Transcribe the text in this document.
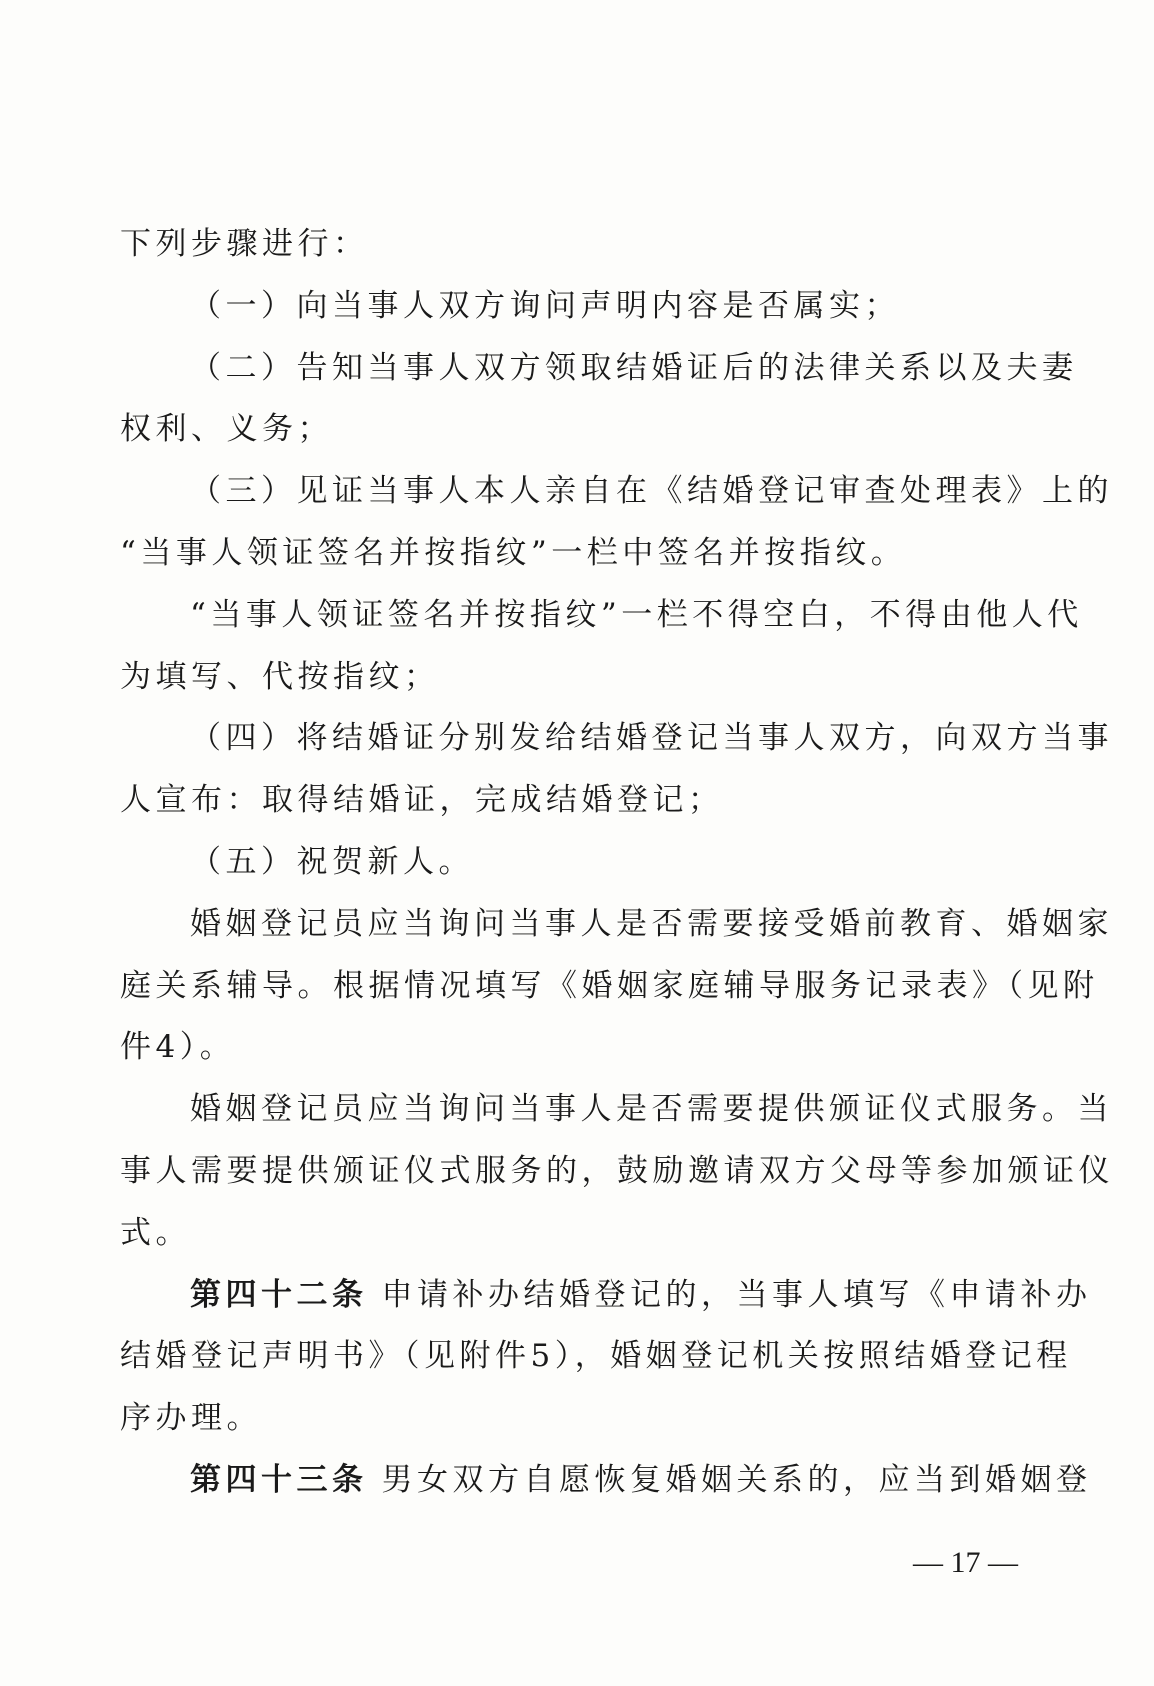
下列步骤进行：
（一）向当事人双方询问声明内容是否属实；
（二）告知当事人双方领取结婚证后的法律关系以及夫妻
权利、义务；
（三）见证当事人本人亲自在《结婚登记审查处理表》上的
“当事人领证签名并按指纹”一栏中签名并按指纹。
“当事人领证签名并按指纹”一栏不得空白，不得由他人代
为填写、代按指纹；
（四）将结婚证分别发给结婚登记当事人双方，向双方当事
人宣布：取得结婚证，完成结婚登记；
（五）祝贺新人。
婚姻登记员应当询问当事人是否需要接受婚前教育、婚姻家
庭关系辅导。根据情况填写《婚姻家庭辅导服务记录表》（见附
件4）。
婚姻登记员应当询问当事人是否需要提供颁证仪式服务。当
事人需要提供颁证仪式服务的，鼓励邀请双方父母等参加颁证仪
式。
第四十二条 申请补办结婚登记的，当事人填写《申请补办
结婚登记声明书》（见附件5），婚姻登记机关按照结婚登记程
序办理。
第四十三条 男女双方自愿恢复婚姻关系的，应当到婚姻登
— 17 —
